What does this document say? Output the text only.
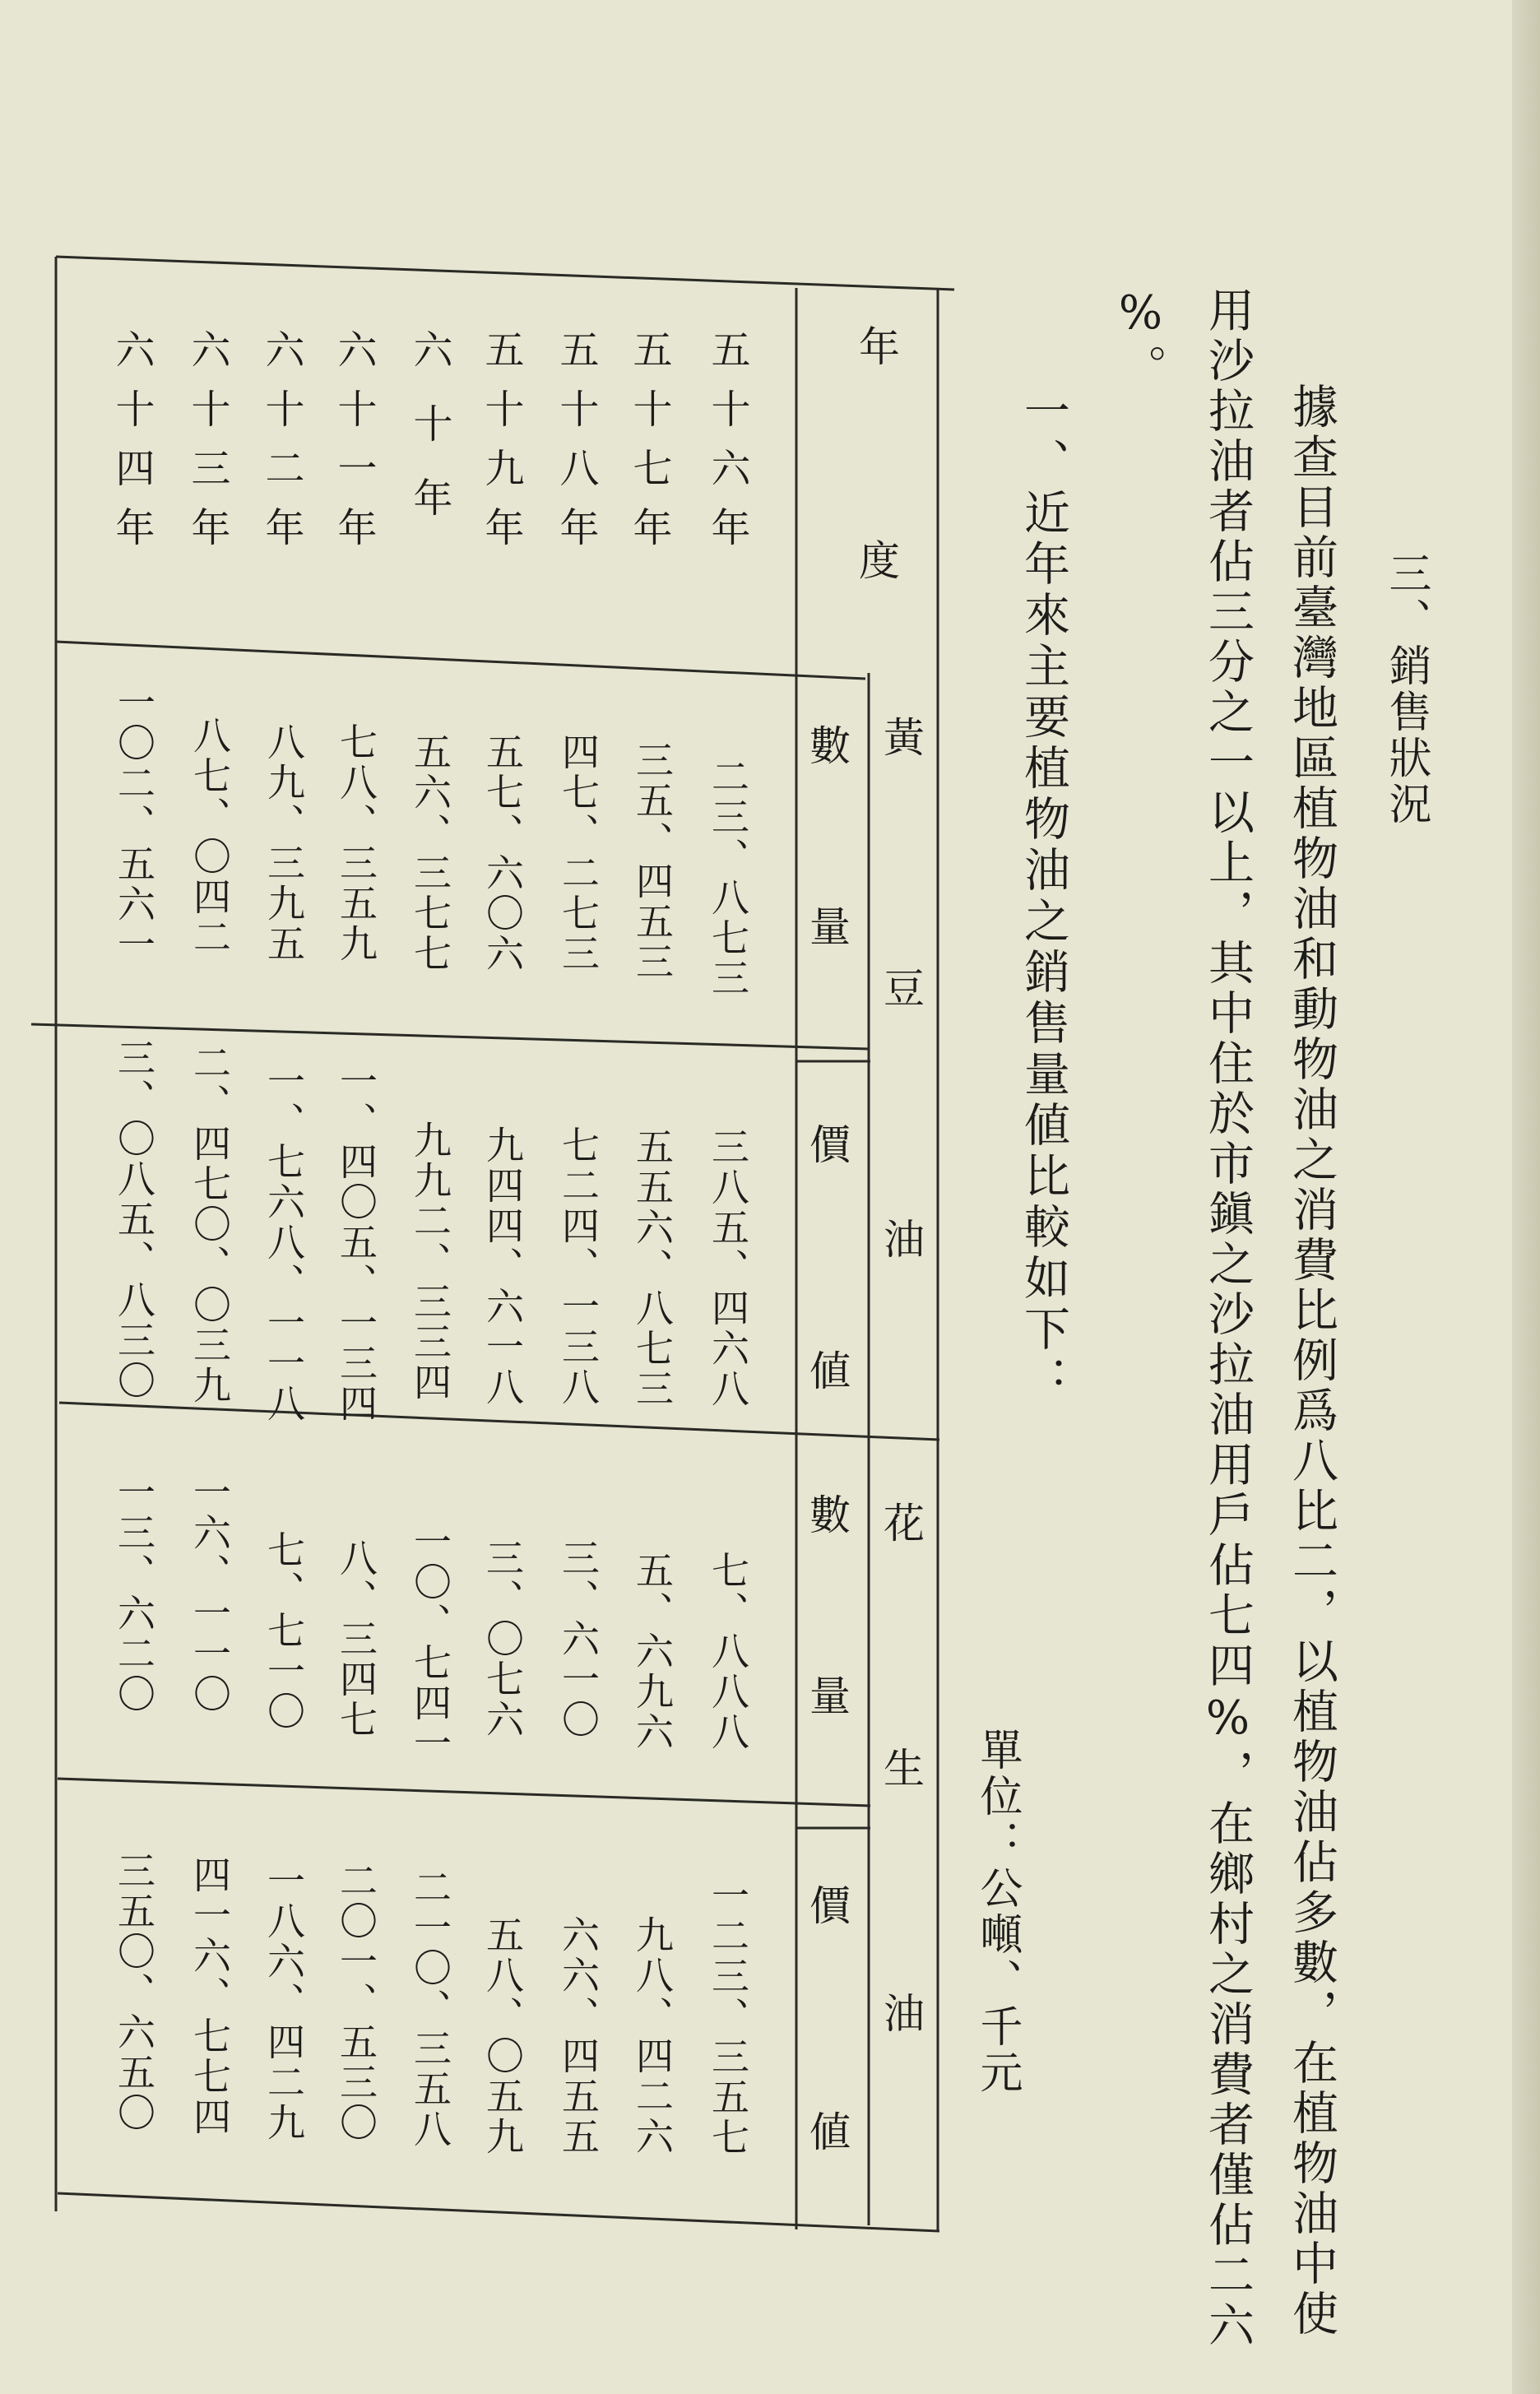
三、銷售狀況
據查目前臺灣地區植物油和動物油之消費比例爲八比二，以植物油佔多數，在植物油中使
用沙拉油者佔三分之一以上，其中住於市鎭之沙拉油用戶佔七四%，在鄉村之消費者僅佔二六
%。
一、近年來主要植物油之銷售量値比較如下：
單位：公噸、千元
年度
黃豆油
數量
價値
花生油
數量
價値
五十六年
五十七年
五十八年
五十九年
六十年
六十一年
六十二年
六十三年
六十四年
二三、八七三
三五、四五三
四七、二七三
五七、六〇六
五六、三七七
七八、三五九
八九、三九五
八七、〇四二
一〇二、五六一
三八五、四六八
五五六、八七三
七二四、一三八
九四四、六一八
九九二、三三四
一、四〇五、一三四
一、七六八、一一八
二、四七〇、〇三九
三、〇八五、八三〇
七、八八八
五、六九六
三、六一〇
三、〇七六
一〇、七四一
八、三四七
七、七一〇
一六、一一〇
一三、六二〇
一二三、三五七
九八、四二六
六六、四五五
五八、〇五九
二一〇、三五八
二〇一、五三〇
一八六、四二九
四一六、七七四
三五〇、六五〇
